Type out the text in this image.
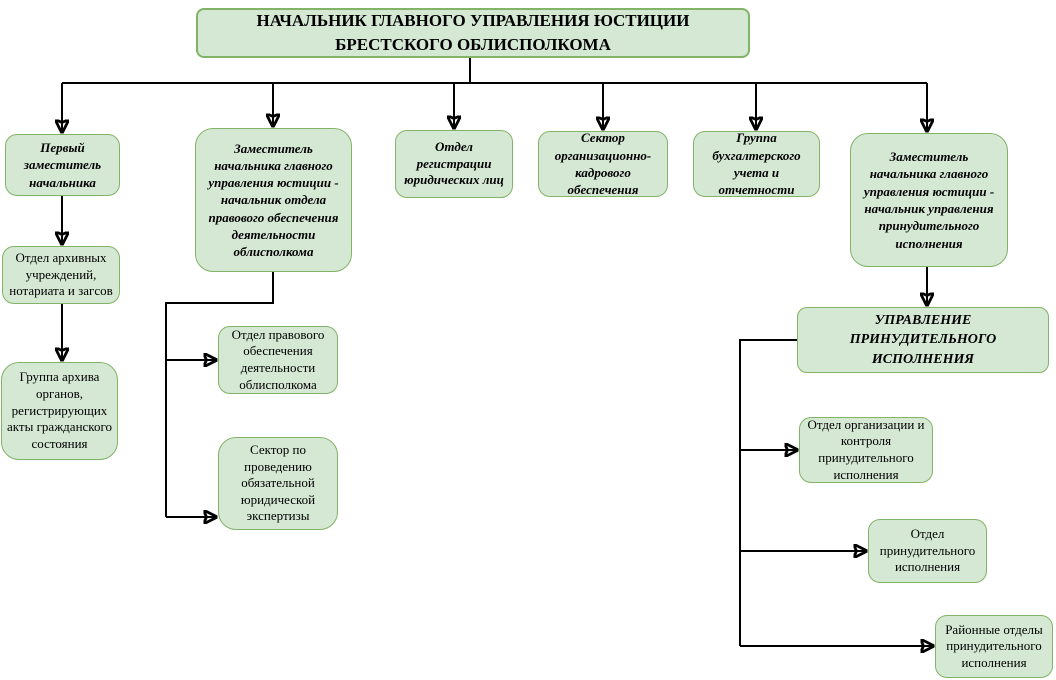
НАЧАЛЬНИК ГЛАВНОГО УПРАВЛЕНИЯ ЮСТИЦИИ БРЕСТСКОГО ОБЛИСПОЛКОМА
Первый заместитель начальника
Заместитель начальника главного управления юстиции - начальник отдела правового обеспечения деятельности облисполкома
Отдел регистрации юридических лиц
Сектор организационно-кадрового обеспечения
Группа бухгалтерского учета и отчетности
Заместитель начальника главного управления юстиции - начальник управления принудительного исполнения
Отдел архивных учреждений, нотариата и загсов
Группа архива органов, регистрирующих акты гражданского состояния
Отдел правового обеспечения деятельности облисполкома
Сектор по проведению обязательной юридической экспертизы
УПРАВЛЕНИЕ ПРИНУДИТЕЛЬНОГО ИСПОЛНЕНИЯ
Отдел организации и контроля принудительного исполнения
Отдел принудительного исполнения
Районные отделы принудительного исполнения
